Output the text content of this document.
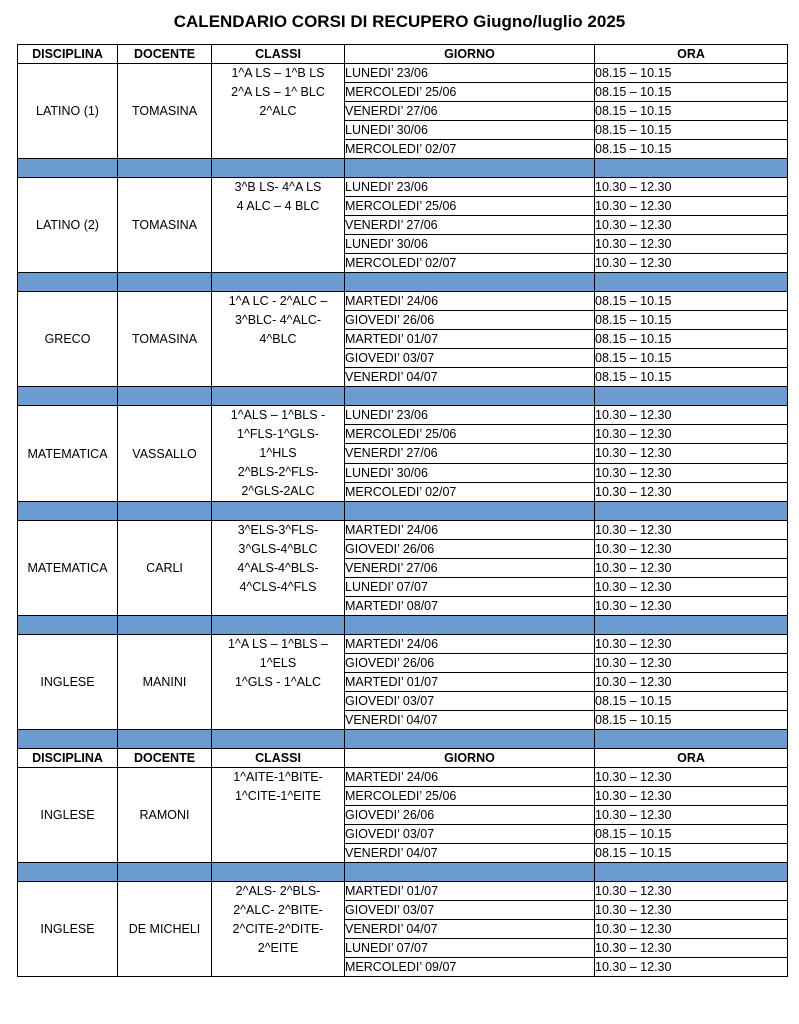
CALENDARIO CORSI DI RECUPERO Giugno/luglio 2025
DISCIPLINA	DOCENTE	CLASSI	GIORNO	ORA
LATINO (1)	TOMASINA	1^A LS – 1^B LS
2^A LS – 1^ BLC
2^ALC	LUNEDI’ 23/06	08.15 – 10.15
			MERCOLEDI’ 25/06	08.15 – 10.15
			VENERDI’ 27/06	08.15 – 10.15
			LUNEDI’ 30/06	08.15 – 10.15
			MERCOLEDI’ 02/07	08.15 – 10.15

LATINO (2)	TOMASINA	3^B LS- 4^A LS
4 ALC – 4 BLC	LUNEDI’ 23/06	10.30 – 12.30
			MERCOLEDI’ 25/06	10.30 – 12.30
			VENERDI’ 27/06	10.30 – 12.30
			LUNEDI’ 30/06	10.30 – 12.30
			MERCOLEDI’ 02/07	10.30 – 12.30

GRECO	TOMASINA	1^A LC - 2^ALC –
3^BLC- 4^ALC-
4^BLC	MARTEDI’ 24/06	08.15 – 10.15
			GIOVEDI’ 26/06	08.15 – 10.15
			MARTEDI’ 01/07	08.15 – 10.15
			GIOVEDI’ 03/07	08.15 – 10.15
			VENERDI’ 04/07	08.15 – 10.15

MATEMATICA	VASSALLO	1^ALS – 1^BLS -
1^FLS-1^GLS-
1^HLS
2^BLS-2^FLS-
2^GLS-2ALC	LUNEDI’ 23/06	10.30 – 12.30
			MERCOLEDI’ 25/06	10.30 – 12.30
			VENERDI’ 27/06	10.30 – 12.30
			LUNEDI’ 30/06	10.30 – 12.30
			MERCOLEDI’ 02/07	10.30 – 12.30

MATEMATICA	CARLI	3^ELS-3^FLS-
3^GLS-4^BLC
4^ALS-4^BLS-
4^CLS-4^FLS	MARTEDI’ 24/06	10.30 – 12.30
			GIOVEDI’ 26/06	10.30 – 12.30
			VENERDI’ 27/06	10.30 – 12.30
			LUNEDI’ 07/07	10.30 – 12.30
			MARTEDI’ 08/07	10.30 – 12.30

INGLESE	MANINI	1^A LS – 1^BLS –
1^ELS
1^GLS - 1^ALC	MARTEDI’ 24/06	10.30 – 12.30
			GIOVEDI’ 26/06	10.30 – 12.30
			MARTEDI’ 01/07	10.30 – 12.30
			GIOVEDI’ 03/07	08.15 – 10.15
			VENERDI’ 04/07	08.15 – 10.15

DISCIPLINA	DOCENTE	CLASSI	GIORNO	ORA
INGLESE	RAMONI	1^AITE-1^BITE-
1^CITE-1^EITE	MARTEDI’ 24/06	10.30 – 12.30
			MERCOLEDI’ 25/06	10.30 – 12.30
			GIOVEDI’ 26/06	10.30 – 12.30
			GIOVEDI’ 03/07	08.15 – 10.15
			VENERDI’ 04/07	08.15 – 10.15

INGLESE	DE MICHELI	2^ALS- 2^BLS-
2^ALC- 2^BITE-
2^CITE-2^DITE-
2^EITE	MARTEDI’ 01/07	10.30 – 12.30
			GIOVEDI’ 03/07	10.30 – 12.30
			VENERDI’ 04/07	10.30 – 12.30
			LUNEDI’ 07/07	10.30 – 12.30
			MERCOLEDI’ 09/07	10.30 – 12.30
